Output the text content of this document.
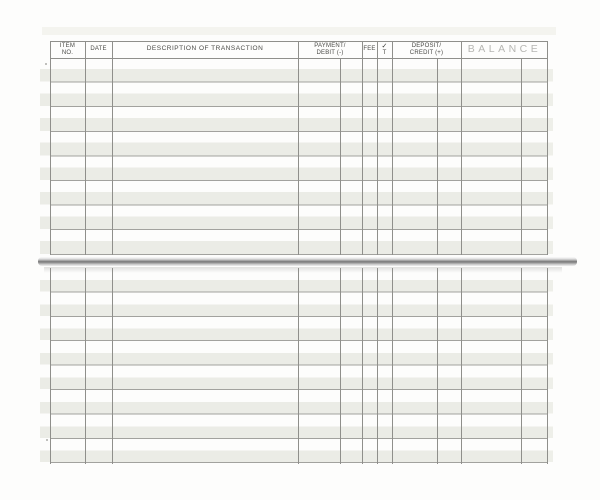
ITEM
NO.
DATE	DESCRIPTION OF TRANSACTION	PAYMENT/
DEBIT (-)
FEE ✓
T
DEPOSIT/
CREDIT (+) BALANCE
